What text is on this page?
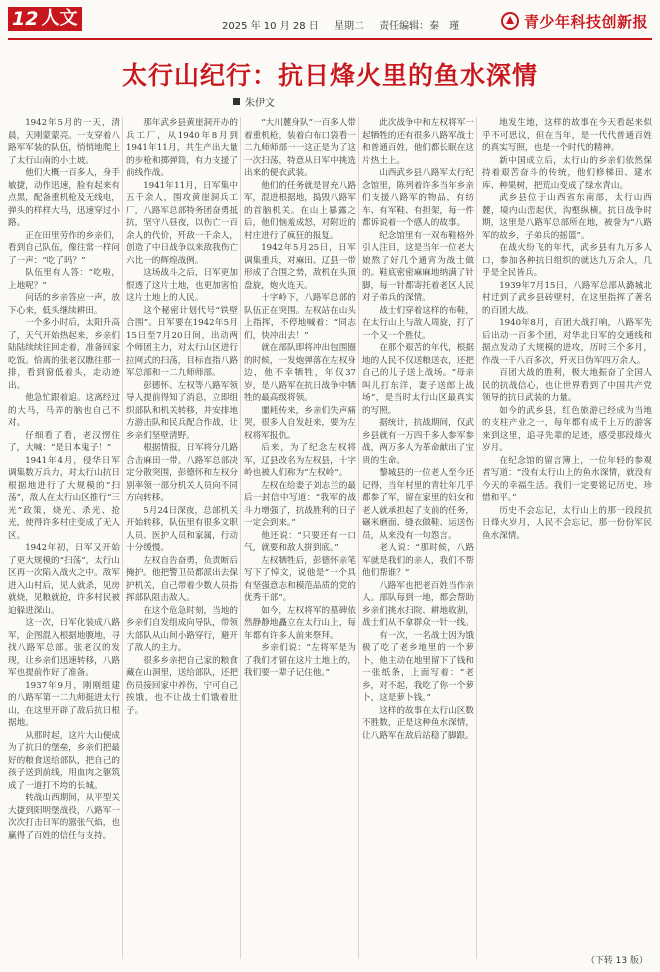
12 人文	2025 年 10 月 28 日 星期二 责任编辑：秦　瑾	青少年科技创新报
太行山纪行：抗日烽火里的鱼水深情
朱伊文

1942年5月的一天，清晨，天刚蒙蒙亮。一支穿着八路军军装的队伍，悄悄地爬上了太行山南的小土坡。

他们大概一百多人，身手敏捷，动作迅速，脸有起来有点黑，配备重机枪及无线电，弹头的样样大马，迅速穿过小路。

正在田里劳作的乡亲们，看到自己队伍，像往常一样问了一声：“吃了吗？”

队伍里有人答：“吃啦，上地呢？”

问话的乡亲答应一声，放下心来，低头继续耕田。

一个多小时后，太阳升高了，天气开始热起来，乡亲们陆陆续续往回走着，准备回家吃饭。恰离的张老汉瞧往那一排，看到窗低着头，走动迹出。

他急忙跟着追。这离经过的大马，马弄的脑也自己不对。

仔细看了看，老汉愣住了，大喊：“是日本鬼子！”

1941年4月，侵华日军调集数万兵力，对太行山抗日根据地进行了大规模的“扫荡”，敌人在太行山区推行“三光”政策，烧光、杀光、抢光，使得许多村庄变成了无人区。

1942年初，日军又开始了更大规模的“扫荡”，太行山区再一次陷入战火之中。敌军进入山村后，见人就杀，见房就烧，见粮就抢，许多村民被迫躲进深山。

这一次，日军化装成八路军，企图混入根据地腹地，寻找八路军总部。张老汉的发现，让乡亲们迅速转移，八路军也提前作好了准备。

1937年9月，刚刚组建的八路军第一二九师挺进太行山，在这里开辟了敌后抗日根据地。

从那时起，这片大山便成为了抗日的堡垒，乡亲们把最好的粮食送给部队，把自己的孩子送到前线，用血肉之躯筑成了一道打不垮的长城。

转战山西期间，从平型关大捷到阳明堡战役，八路军一次次打击日军的嚣张气焰，也赢得了百姓的信任与支持。

那年武乡县黄崖洞开办的兵工厂，从1940年8月到1941年11月，共生产出大量的步枪和掷弹筒，有力支援了前线作战。

1941年11月，日军集中五千余人，围攻黄崖洞兵工厂，八路军总部特务团奋勇抵抗，坚守八昼夜，以伤亡一百余人的代价，歼敌一千余人，创造了中日战争以来敌我伤亡六比一的辉煌战例。

这场战斗之后，日军更加恨透了这片土地，也更加害怕这片土地上的人民。

这个秘密计划代号“铁壁合围”。日军要在1942年5月15日至7月20日间，出动两个师团主力，对太行山区进行拉网式的扫荡，目标直指八路军总部和一二九师师部。

彭德怀、左权等八路军领导人提前得知了消息，立即组织部队和机关转移，并安排地方游击队和民兵配合作战，让乡亲们坚壁清野。

根据情报，日军将分几路合击麻田一带。八路军总部决定分散突围，彭德怀和左权分别率领一部分机关人员向不同方向转移。

5月24日深夜，总部机关开始转移，队伍里有很多文职人员、医护人员和家属，行动十分缓慢。

左权自告奋勇，负责断后掩护。他把警卫员都派出去保护机关，自己带着少数人员指挥部队阻击敌人。

在这个危急时刻，当地的乡亲们自发组成向导队，带领大部队从山间小路穿行，避开了敌人的主力。

很多乡亲把自己家的粮食藏在山洞里，送给部队，还把伤员接回家中养伤，宁可自己挨饿，也不让战士们饿着肚子。

“大川麓身队”一百多人带着重机枪，装着白布口袋看一二九师师部一一这正是为了这一次扫荡，特意从日军中挑选出来的便衣武装。

他们的任务就是冒充八路军，混进根据地，捣毁八路军的首脑机关。在山上暴露之后，他们恼羞成怒，对附近的村庄进行了疯狂的报复。

1942年5月25日，日军调集重兵，对麻田、辽县一带形成了合围之势，敌机在头顶盘旋，炮火连天。

十字岭下，八路军总部的队伍正在突围。左权站在山头上指挥，不停地喊着：“同志们，快冲出去！”

就在部队即将冲出包围圈的时候，一发炮弹落在左权身边，他不幸牺牲，年仅37岁，是八路军在抗日战争中牺牲的最高级将领。

噩耗传来，乡亲们失声痛哭，很多人自发赶来，要为左权将军报仇。

后来，为了纪念左权将军，辽县改名为左权县，十字岭也被人们称为“左权岭”。

左权在给妻子刘志兰的最后一封信中写道：“我军的战斗力增强了，抗战胜利的日子一定会到来。”

他还说：“只要还有一口气，就要和敌人拼到底。”

左权牺牲后，彭德怀亲笔写下了悼文，说他是“一个具有坚强意志和模范品质的党的优秀干部”。

如今，左权将军的墓碑依然静静地矗立在太行山上，每年都有许多人前来祭拜。

乡亲们说：“左将军是为了我们才留在这片土地上的，我们要一辈子记住他。”

此次战争中和左权将军一起牺牲的还有很多八路军战士和普通百姓，他们都长眠在这片热土上。

山西武乡县八路军太行纪念馆里，陈列着许多当年乡亲们支援八路军的物品，有纺车、有军鞋、有担架，每一件都诉说着一个感人的故事。

纪念馆里有一双布鞋格外引人注目，这是当年一位老大娘熬了好几个通宵为战士做的。鞋底密密麻麻地纳满了针脚，每一针都寄托着老区人民对子弟兵的深情。

战士们穿着这样的布鞋，在太行山上与敌人周旋，打了一个又一个胜仗。

在那个艰苦的年代，根据地的人民不仅送粮送衣，还把自己的儿子送上战场。“母亲叫儿打东洋，妻子送郎上战场”，是当时太行山区最真实的写照。

据统计，抗战期间，仅武乡县就有一万四千多人参军参战，两万多人为革命献出了宝贵的生命。

黎城县的一位老人至今还记得，当年村里的青壮年几乎都参了军，留在家里的妇女和老人就承担起了支前的任务，碾米磨面、缝衣做鞋、运送伤员，从来没有一句怨言。

老人说：“那时候，八路军就是我们的亲人，我们不帮他们帮谁？”

八路军也把老百姓当作亲人。部队每到一地，都会帮助乡亲们挑水扫院、耕地收割，战士们从不拿群众一针一线。

有一次，一名战士因为饿极了吃了老乡地里的一个萝卜，他主动在地里留下了钱和一张纸条，上面写着：“老乡，对不起，我吃了你一个萝卜，这是萝卜钱。”

这样的故事在太行山区数不胜数，正是这种鱼水深情，让八路军在敌后站稳了脚跟。

地发生地，这样的故事在今天看起来似乎不可思议，但在当年，是一代代普通百姓的真实写照，也是一个时代的精神。

新中国成立后，太行山的乡亲们依然保持着艰苦奋斗的传统，他们修梯田、建水库、种果树，把荒山变成了绿水青山。

武乡县位于山西省东南部，太行山西麓，境内山峦起伏，沟壑纵横。抗日战争时期，这里是八路军总部所在地，被誉为“八路军的故乡，子弟兵的摇篮”。

在战火纷飞的年代，武乡县有九万多人口，参加各种抗日组织的就达九万余人，几乎是全民皆兵。

1939年7月15日，八路军总部从潞城北村迁到了武乡县砖壁村，在这里指挥了著名的百团大战。

1940年8月，百团大战打响，八路军先后出动一百多个团，对华北日军的交通线和据点发动了大规模的进攻，历时三个多月，作战一千八百多次，歼灭日伪军四万余人。

百团大战的胜利，极大地振奋了全国人民的抗战信心，也让世界看到了中国共产党领导的抗日武装的力量。

如今的武乡县，红色旅游已经成为当地的支柱产业之一，每年都有成千上万的游客来到这里，追寻先辈的足迹，感受那段烽火岁月。

在纪念馆的留言簿上，一位年轻的参观者写道：“没有太行山上的鱼水深情，就没有今天的幸福生活。我们一定要铭记历史，珍惜和平。”

历史不会忘记，太行山上的那一段段抗日烽火岁月，人民不会忘记，那一份份军民鱼水深情。

（下转 13 版）
